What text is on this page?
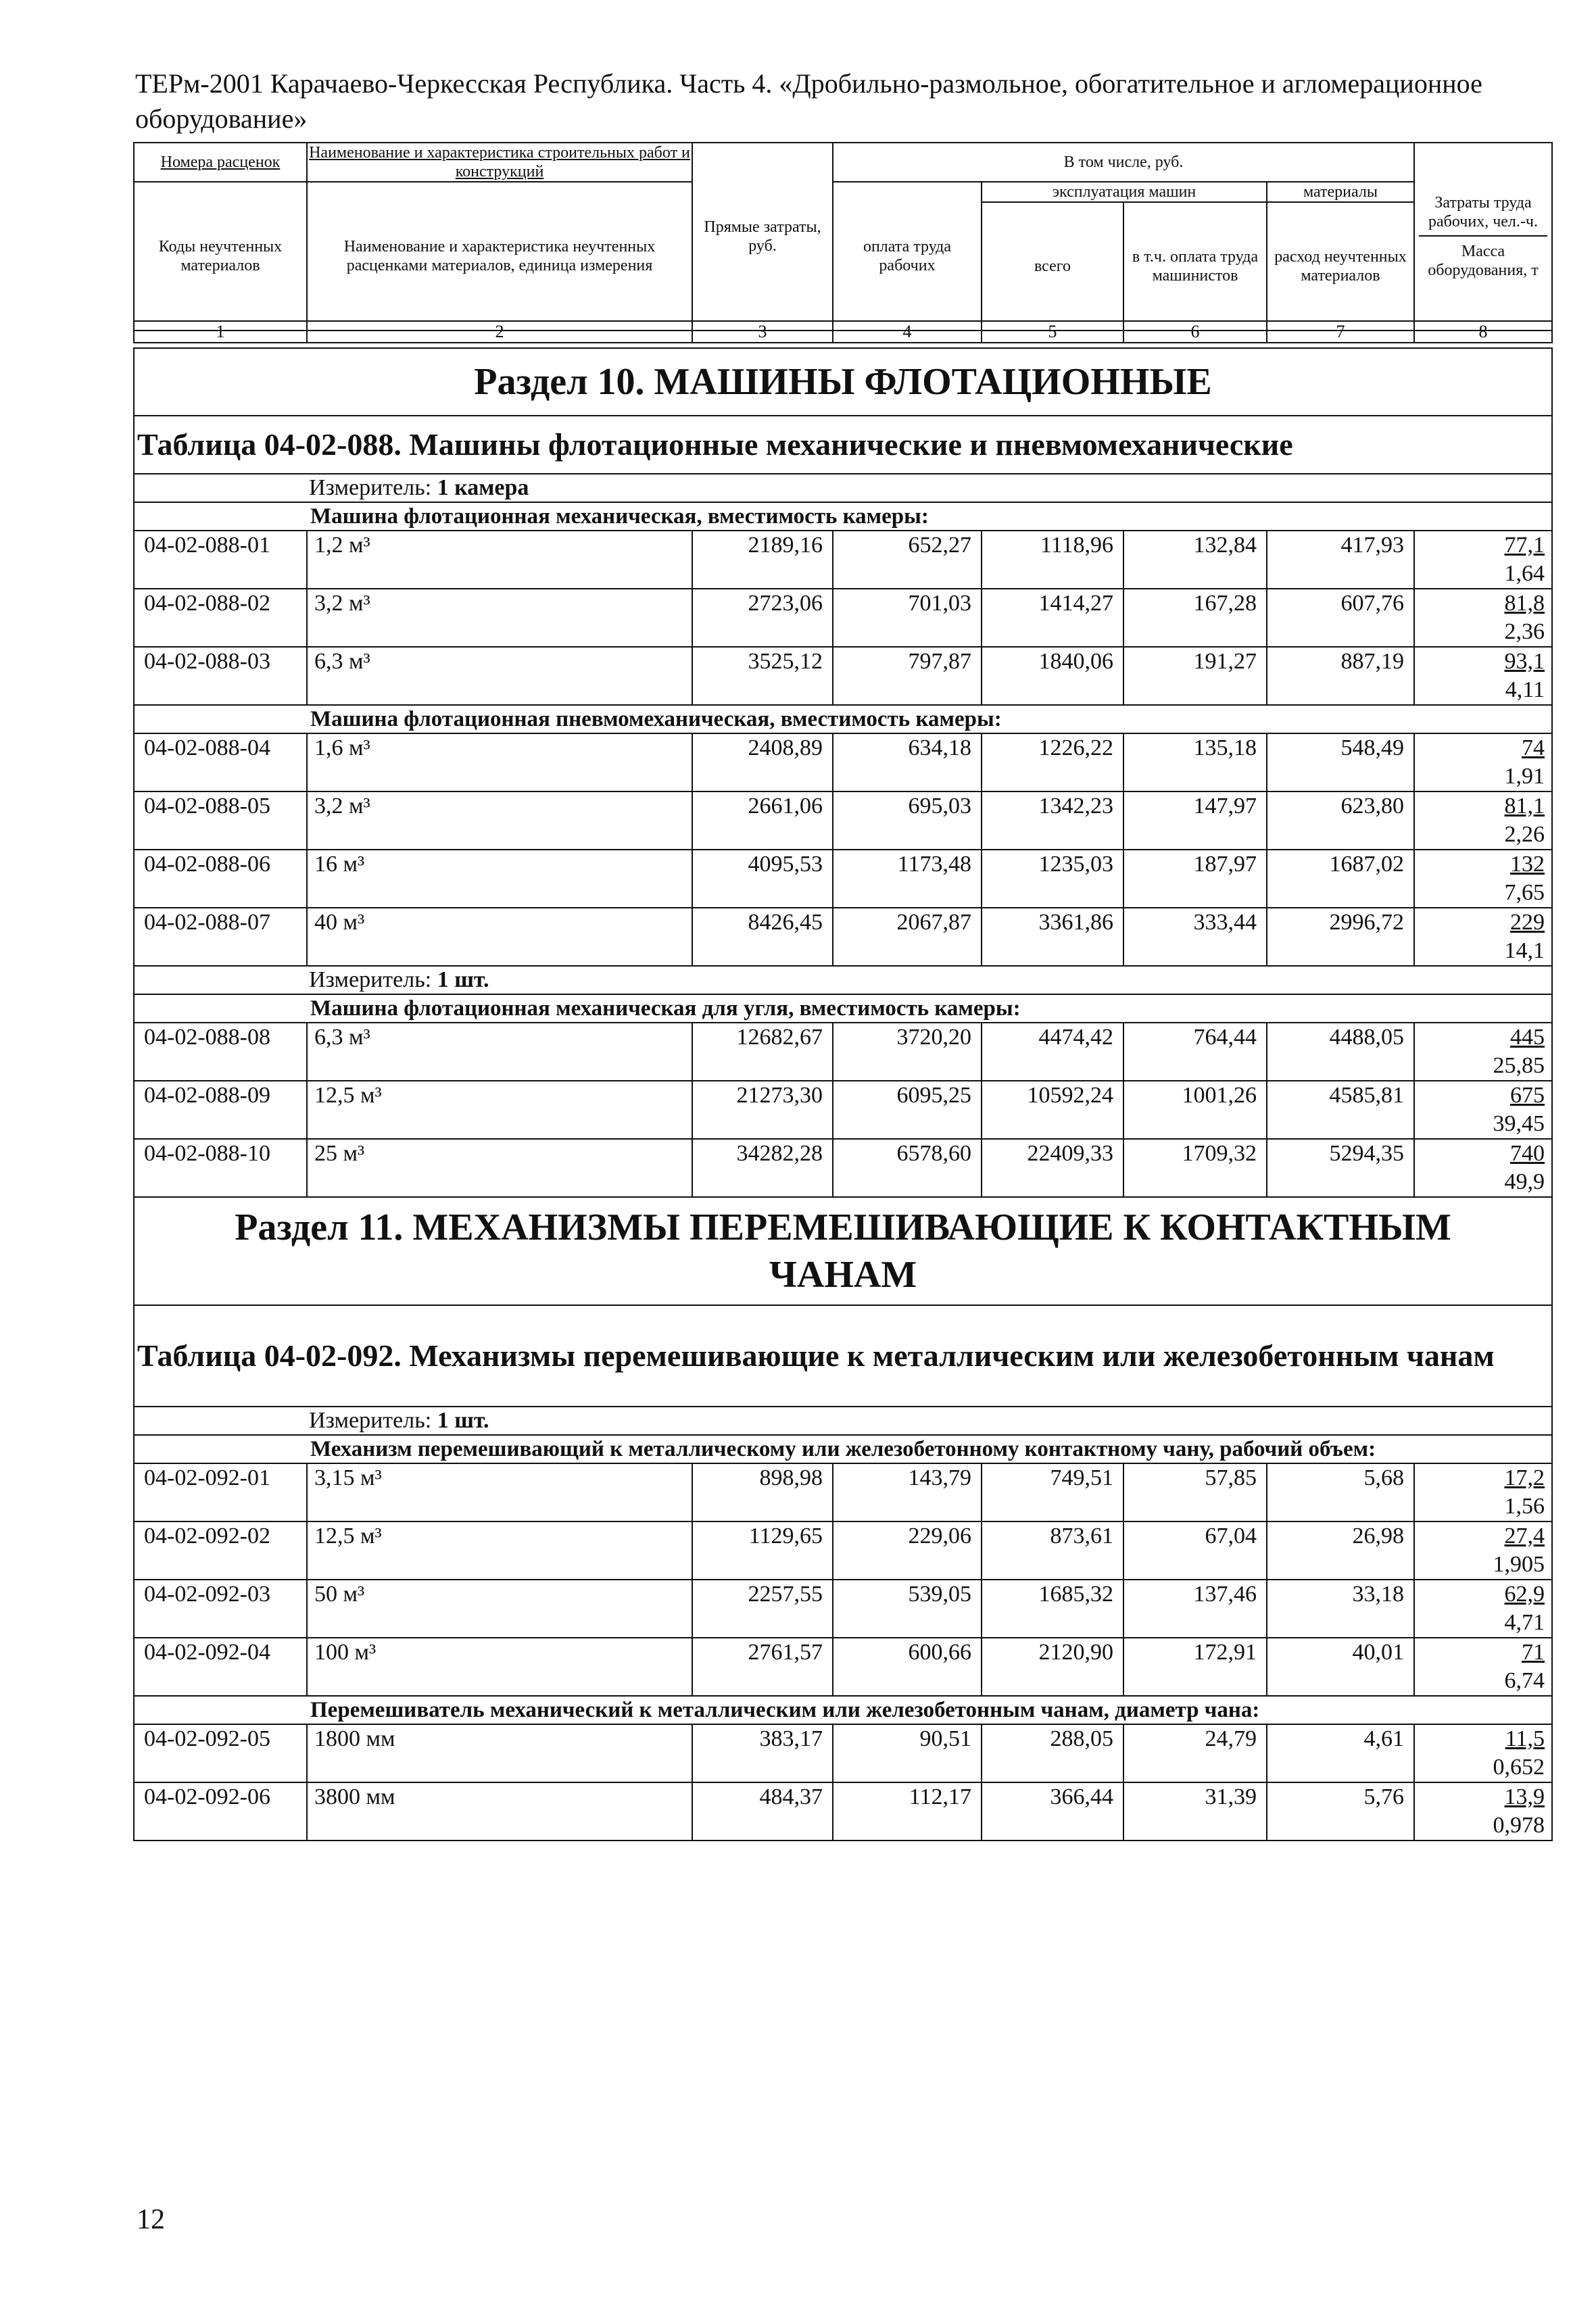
ТЕРм-2001 Карачаево-Черкесская Республика. Часть 4. «Дробильно-размольное, обогатительное и агломерационное оборудование»
Номера расценок	Наименование и характеристика строительных работ и конструкций	Прямые затраты, руб.	В том числе, руб.				Затраты труда рабочих, чел.-ч.
Масса оборудования, т

Коды неучтенных материалов	Наименование и характеристика неучтенных расценками материалов, единица измерения		оплата труда рабочих	эксплуатация машин		материалы	
				всего	в т.ч. оплата труда машинистов	расход неучтенных материалов	
1	2	3	4	5	6	7	8
Раздел 10. МАШИНЫ ФЛОТАЦИОННЫЕ							

Таблица 04-02-088. Машины флотационные механические и пневмомеханические							

Измеритель: 1 камера							

Машина флотационная механическая, вместимость камеры:							

04-02-088-01	1,2 м³	2189,16	652,27	1118,96	132,84	417,93	77,1
1,64

04-02-088-02	3,2 м³	2723,06	701,03	1414,27	167,28	607,76	81,8
2,36

04-02-088-03	6,3 м³	3525,12	797,87	1840,06	191,27	887,19	93,1
4,11

Машина флотационная пневмомеханическая, вместимость камеры:							

04-02-088-04	1,6 м³	2408,89	634,18	1226,22	135,18	548,49	74
1,91

04-02-088-05	3,2 м³	2661,06	695,03	1342,23	147,97	623,80	81,1
2,26

04-02-088-06	16 м³	4095,53	1173,48	1235,03	187,97	1687,02	132
7,65

04-02-088-07	40 м³	8426,45	2067,87	3361,86	333,44	2996,72	229
14,1

Измеритель: 1 шт.							

Машина флотационная механическая для угля, вместимость камеры:							

04-02-088-08	6,3 м³	12682,67	3720,20	4474,42	764,44	4488,05	445
25,85

04-02-088-09	12,5 м³	21273,30	6095,25	10592,24	1001,26	4585,81	675
39,45

04-02-088-10	25 м³	34282,28	6578,60	22409,33	1709,32	5294,35	740
49,9

Раздел 11. МЕХАНИЗМЫ ПЕРЕМЕШИВАЮЩИЕ К КОНТАКТНЫМ ЧАНАМ							

Таблица 04-02-092. Механизмы перемешивающие к металлическим или железобетонным чанам							

Измеритель: 1 шт.							

Механизм перемешивающий к металлическому или железобетонному контактному чану, рабочий объем:							

04-02-092-01	3,15 м³	898,98	143,79	749,51	57,85	5,68	17,2
1,56

04-02-092-02	12,5 м³	1129,65	229,06	873,61	67,04	26,98	27,4
1,905

04-02-092-03	50 м³	2257,55	539,05	1685,32	137,46	33,18	62,9
4,71

04-02-092-04	100 м³	2761,57	600,66	2120,90	172,91	40,01	71
6,74

Перемешиватель механический к металлическим или железобетонным чанам, диаметр чана:							

04-02-092-05	1800 мм	383,17	90,51	288,05	24,79	4,61	11,5
0,652

04-02-092-06	3800 мм	484,37	112,17	366,44	31,39	5,76	13,9
0,978
12
